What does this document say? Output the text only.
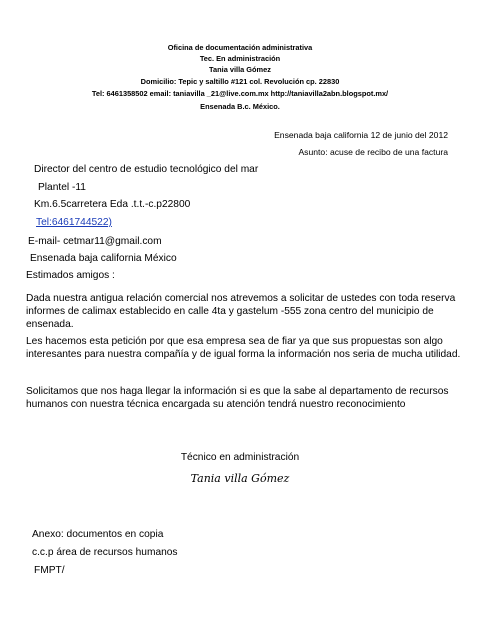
Oficina de documentación administrativa
Tec. En administración
Tania villa Gómez
Domicilio: Tepic y saltillo #121 col. Revolución cp. 22830
Tel: 6461358502 email: taniavilla _21@live.com.mx http://taniavilla2abn.blogspot.mx/
Ensenada B.c. México.
Ensenada baja california 12 de junio del 2012
Asunto: acuse de recibo de una factura
Director del centro de estudio tecnológico del mar
Plantel -11
Km.6.5carretera Eda .t.t.-c.p22800
Tel:6461744522)
E-mail- cetmar11@gmail.com
Ensenada baja california México
Estimados amigos :
Dada nuestra antigua relación comercial nos atrevemos a solicitar de ustedes con toda reserva informes de calimax establecido en calle 4ta y gastelum -555 zona centro del municipio de ensenada.
Les hacemos esta petición por que esa empresa sea de fiar ya que sus propuestas son algo interesantes para nuestra compañía y de igual forma la información nos seria de mucha utilidad.
Solicitamos que nos haga llegar la información si es que la sabe al departamento de recursos humanos con nuestra técnica encargada su atención tendrá nuestro reconocimiento
Técnico en administración
Tania villa Gómez
Anexo: documentos en copia
c.c.p área de recursos humanos
FMPT/
